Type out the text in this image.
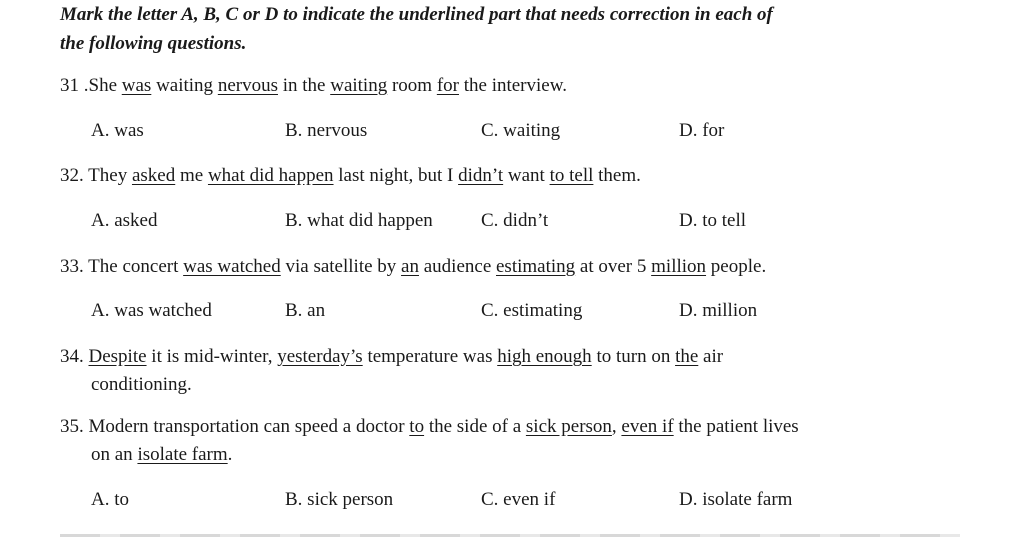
Mark the letter A, B, C or D to indicate the underlined part that needs correction in each of
the following questions.
31 .She was waiting nervous in the waiting room for the interview.
A. was	B. nervous	C. waiting	D. for
32. They asked me what did happen last night, but I didn’t want to tell them.
A. asked	B. what did happen	C. didn’t	D. to tell
33. The concert was watched via satellite by an audience estimating at over 5 million people.
A. was watched	B. an	C. estimating	D. million
34. Despite it is mid-winter, yesterday’s temperature was high enough to turn on the air
conditioning.
35. Modern transportation can speed a doctor to the side of a sick person, even if the patient lives
on an isolate farm.
A. to	B. sick person	C. even if	D. isolate farm
